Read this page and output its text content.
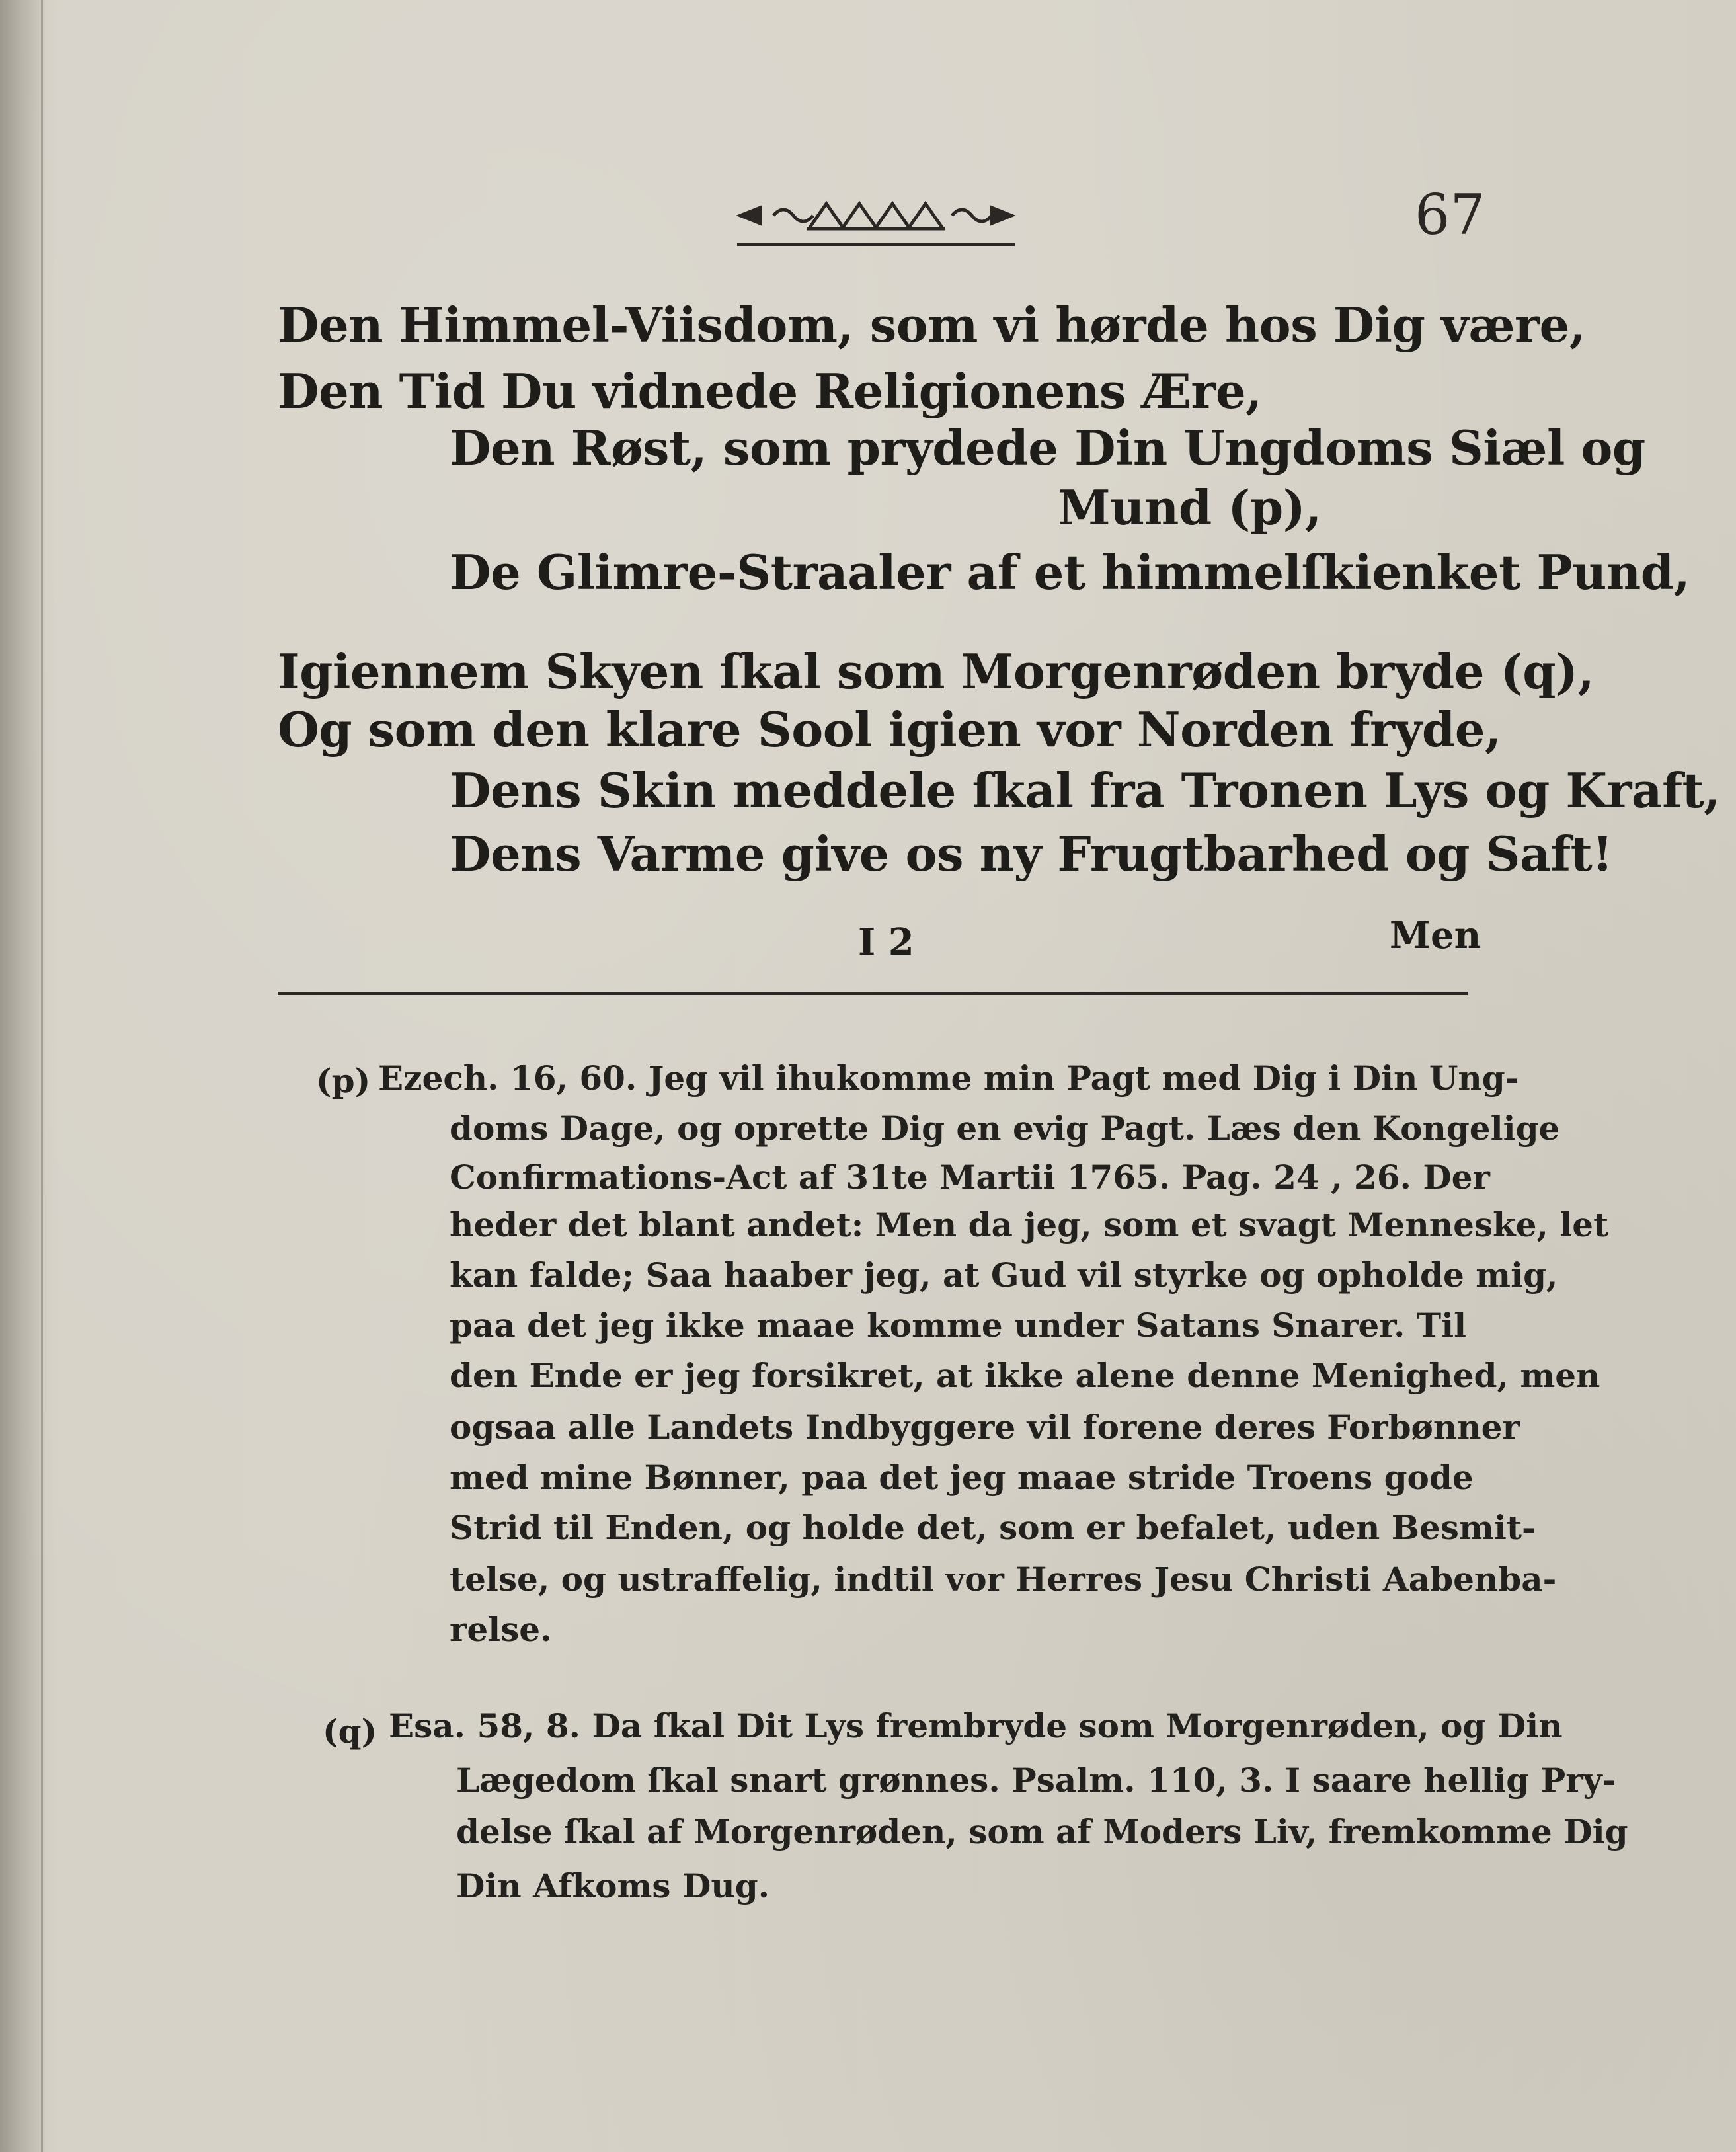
67
Den Himmel-Viisdom, som vi hørde hos Dig være,
Den Tid Du vidnede Religionens Ære,
Den Røst, som prydede Din Ungdoms Siæl og
Mund (p),
De Glimre-Straaler af et himmelſkienket Pund,
Igiennem Skyen ſkal som Morgenrøden bryde (q),
Og som den klare Sool igien vor Norden fryde,
Dens Skin meddele ſkal fra Tronen Lys og Kraft,
Dens Varme give os ny Frugtbarhed og Saft!
I 2	Men
(p) Ezech. 16, 60. Jeg vil ihukomme min Pagt med Dig i Din Ung-
doms Dage, og oprette Dig en evig Pagt. Læs den Kongelige
Confirmations-Act af 31te Martii 1765. Pag. 24 , 26. Der
heder det blant andet: Men da jeg, som et svagt Menneske, let
kan falde; Saa haaber jeg, at Gud vil styrke og opholde mig,
paa det jeg ikke maae komme under Satans Snarer. Til
den Ende er jeg forsikret, at ikke alene denne Menighed, men
ogsaa alle Landets Indbyggere vil forene deres Forbønner
med mine Bønner, paa det jeg maae stride Troens gode
Strid til Enden, og holde det, som er befalet, uden Besmit-
telse, og ustraffelig, indtil vor Herres Jesu Christi Aabenba-
relse.
(q) Esa. 58, 8. Da ſkal Dit Lys frembryde som Morgenrøden, og Din
Lægedom ſkal snart grønnes. Psalm. 110, 3. I saare hellig Pry-
delse ſkal af Morgenrøden, som af Moders Liv, fremkomme Dig
Din Afkoms Dug.
